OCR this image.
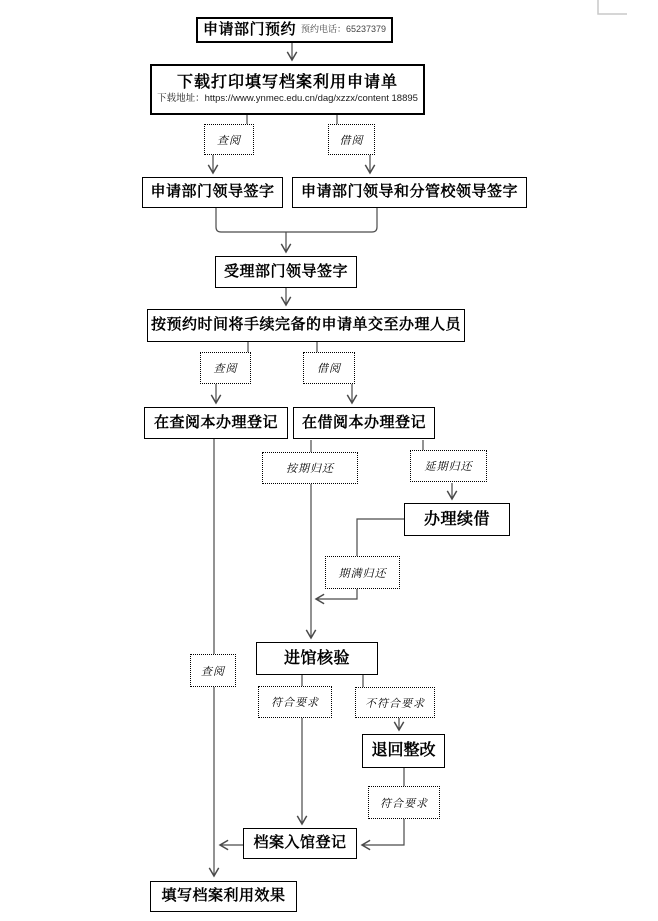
申请部门预约 预约电话：65237379
下载打印填写档案利用申请单
下载地址：https://www.ynmec.edu.cn/dag/xzzx/content 18895
申请部门领导签字 申请部门领导和分管校领导签字
受理部门领导签字
按预约时间将手续完备的申请单交至办理人员
在查阅本办理登记 在借阅本办理登记
办理续借
进馆核验
退回整改
档案入馆登记
填写档案利用效果
查阅	借阅
查阅	借阅
按期归还	延期归还
期满归还
查阅
符合要求	不符合要求
符合要求
